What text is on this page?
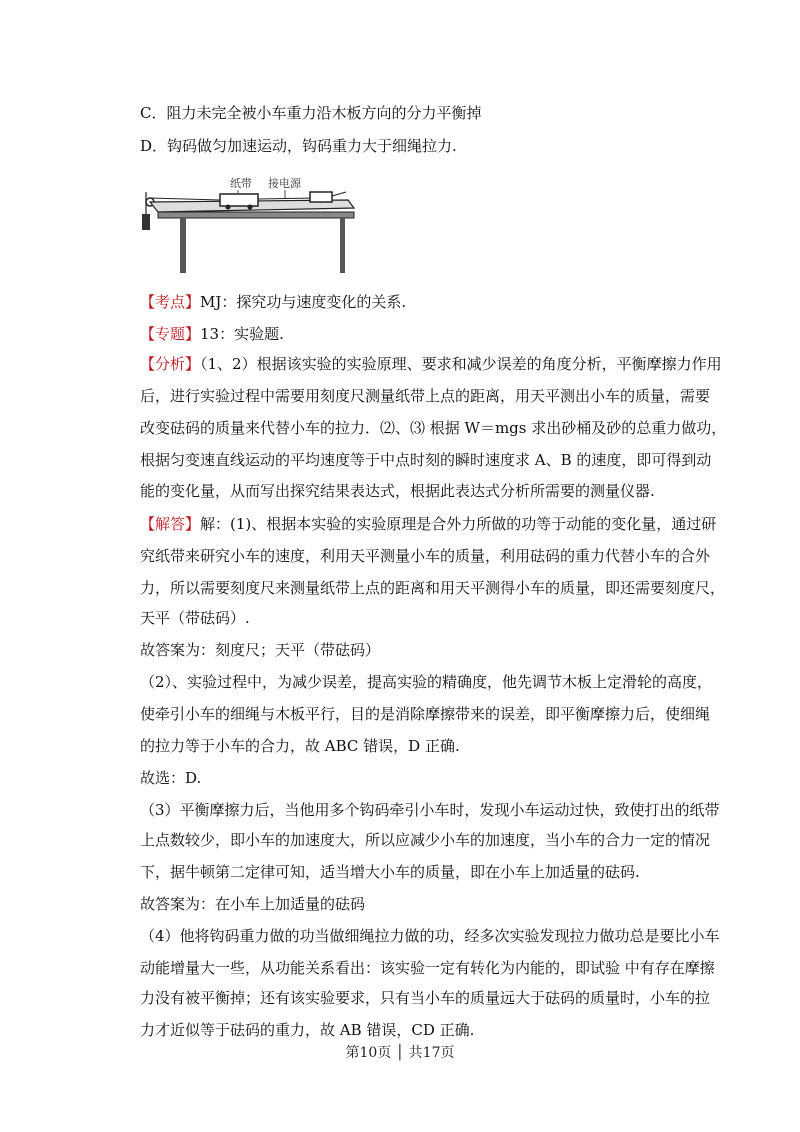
C．阻力未完全被小车重力沿木板方向的分力平衡掉
D．钩码做匀加速运动，钩码重力大于细绳拉力.
纸带 接电源
【考点】MJ：探究功与速度变化的关系.
【专题】13：实验题.
【分析】（1、2）根据该实验的实验原理、要求和减少误差的角度分析，平衡摩擦力作用
后，进行实验过程中需要用刻度尺测量纸带上点的距离，用天平测出小车的质量，需要
改变砝码的质量来代替小车的拉力．⑵、⑶ 根据 W＝mgs 求出砂桶及砂的总重力做功，
根据匀变速直线运动的平均速度等于中点时刻的瞬时速度求 A、B 的速度，即可得到动
能的变化量，从而写出探究结果表达式，根据此表达式分析所需要的测量仪器.
【解答】解：(1)、根据本实验的实验原理是合外力所做的功等于动能的变化量，通过研
究纸带来研究小车的速度，利用天平测量小车的质量，利用砝码的重力代替小车的合外
力，所以需要刻度尺来测量纸带上点的距离和用天平测得小车的质量，即还需要刻度尺，
天平（带砝码）.
故答案为：刻度尺；天平（带砝码）
（2）、实验过程中，为减少误差，提高实验的精确度，他先调节木板上定滑轮的高度，
使牵引小车的细绳与木板平行，目的是消除摩擦带来的误差，即平衡摩擦力后，使细绳
的拉力等于小车的合力，故 ABC 错误，D 正确.
故选：D.
（3）平衡摩擦力后，当他用多个钩码牵引小车时，发现小车运动过快，致使打出的纸带
上点数较少，即小车的加速度大，所以应减少小车的加速度，当小车的合力一定的情况
下，据牛顿第二定律可知，适当增大小车的质量，即在小车上加适量的砝码.
故答案为：在小车上加适量的砝码
（4）他将钩码重力做的功当做细绳拉力做的功，经多次实验发现拉力做功总是要比小车
动能增量大一些，从功能关系看出：该实验一定有转化为内能的，即试验 中有存在摩擦
力没有被平衡掉；还有该实验要求，只有当小车的质量远大于砝码的质量时，小车的拉
力才近似等于砝码的重力，故 AB 错误，CD 正确.
第10页 │ 共17页
